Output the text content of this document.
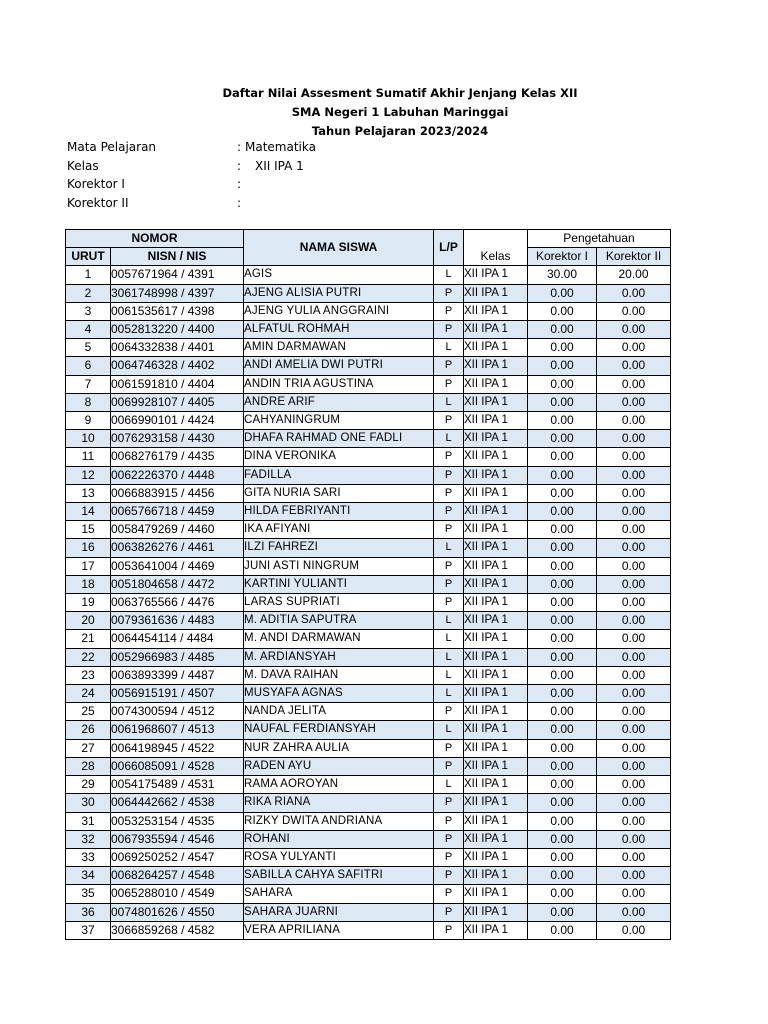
Daftar Nilai Assesment Sumatif Akhir Jenjang Kelas XII
SMA Negeri 1 Labuhan Maringgai
Tahun Pelajaran 2023/2024
Mata Pelajaran	: Matematika
Kelas	: XII IPA 1
Korektor I	:
Korektor II	:
NOMOR		NAMA SISWA	L/P	Kelas	Pengetahuan	
URUT	NISN / NIS				Korektor I	Korektor II
1	0057671964 / 4391	AGIS	L	XII IPA 1	30.00	20.00
2	3061748998 / 4397	AJENG ALISIA PUTRI	P	XII IPA 1	0.00	0.00
3	0061535617 / 4398	AJENG YULIA ANGGRAINI	P	XII IPA 1	0.00	0.00
4	0052813220 / 4400	ALFATUL ROHMAH	P	XII IPA 1	0.00	0.00
5	0064332838 / 4401	AMIN DARMAWAN	L	XII IPA 1	0.00	0.00
6	0064746328 / 4402	ANDI AMELIA DWI PUTRI	P	XII IPA 1	0.00	0.00
7	0061591810 / 4404	ANDIN TRIA AGUSTINA	P	XII IPA 1	0.00	0.00
8	0069928107 / 4405	ANDRE ARIF	L	XII IPA 1	0.00	0.00
9	0066990101 / 4424	CAHYANINGRUM	P	XII IPA 1	0.00	0.00
10	0076293158 / 4430	DHAFA RAHMAD ONE FADLI	L	XII IPA 1	0.00	0.00
11	0068276179 / 4435	DINA VERONIKA	P	XII IPA 1	0.00	0.00
12	0062226370 / 4448	FADILLA	P	XII IPA 1	0.00	0.00
13	0066883915 / 4456	GITA NURIA SARI	P	XII IPA 1	0.00	0.00
14	0065766718 / 4459	HILDA FEBRIYANTI	P	XII IPA 1	0.00	0.00
15	0058479269 / 4460	IKA AFIYANI	P	XII IPA 1	0.00	0.00
16	0063826276 / 4461	ILZI FAHREZI	L	XII IPA 1	0.00	0.00
17	0053641004 / 4469	JUNI ASTI NINGRUM	P	XII IPA 1	0.00	0.00
18	0051804658 / 4472	KARTINI YULIANTI	P	XII IPA 1	0.00	0.00
19	0063765566 / 4476	LARAS SUPRIATI	P	XII IPA 1	0.00	0.00
20	0079361636 / 4483	M. ADITIA SAPUTRA	L	XII IPA 1	0.00	0.00
21	0064454114 / 4484	M. ANDI DARMAWAN	L	XII IPA 1	0.00	0.00
22	0052966983 / 4485	M. ARDIANSYAH	L	XII IPA 1	0.00	0.00
23	0063893399 / 4487	M. DAVA RAIHAN	L	XII IPA 1	0.00	0.00
24	0056915191 / 4507	MUSYAFA AGNAS	L	XII IPA 1	0.00	0.00
25	0074300594 / 4512	NANDA JELITA	P	XII IPA 1	0.00	0.00
26	0061968607 / 4513	NAUFAL FERDIANSYAH	L	XII IPA 1	0.00	0.00
27	0064198945 / 4522	NUR ZAHRA AULIA	P	XII IPA 1	0.00	0.00
28	0066085091 / 4528	RADEN AYU	P	XII IPA 1	0.00	0.00
29	0054175489 / 4531	RAMA AOROYAN	L	XII IPA 1	0.00	0.00
30	0064442662 / 4538	RIKA RIANA	P	XII IPA 1	0.00	0.00
31	0053253154 / 4535	RIZKY DWITA ANDRIANA	P	XII IPA 1	0.00	0.00
32	0067935594 / 4546	ROHANI	P	XII IPA 1	0.00	0.00
33	0069250252 / 4547	ROSA YULYANTI	P	XII IPA 1	0.00	0.00
34	0068264257 / 4548	SABILLA CAHYA SAFITRI	P	XII IPA 1	0.00	0.00
35	0065288010 / 4549	SAHARA	P	XII IPA 1	0.00	0.00
36	0074801626 / 4550	SAHARA JUARNI	P	XII IPA 1	0.00	0.00
37	3066859268 / 4582	VERA APRILIANA	P	XII IPA 1	0.00	0.00
